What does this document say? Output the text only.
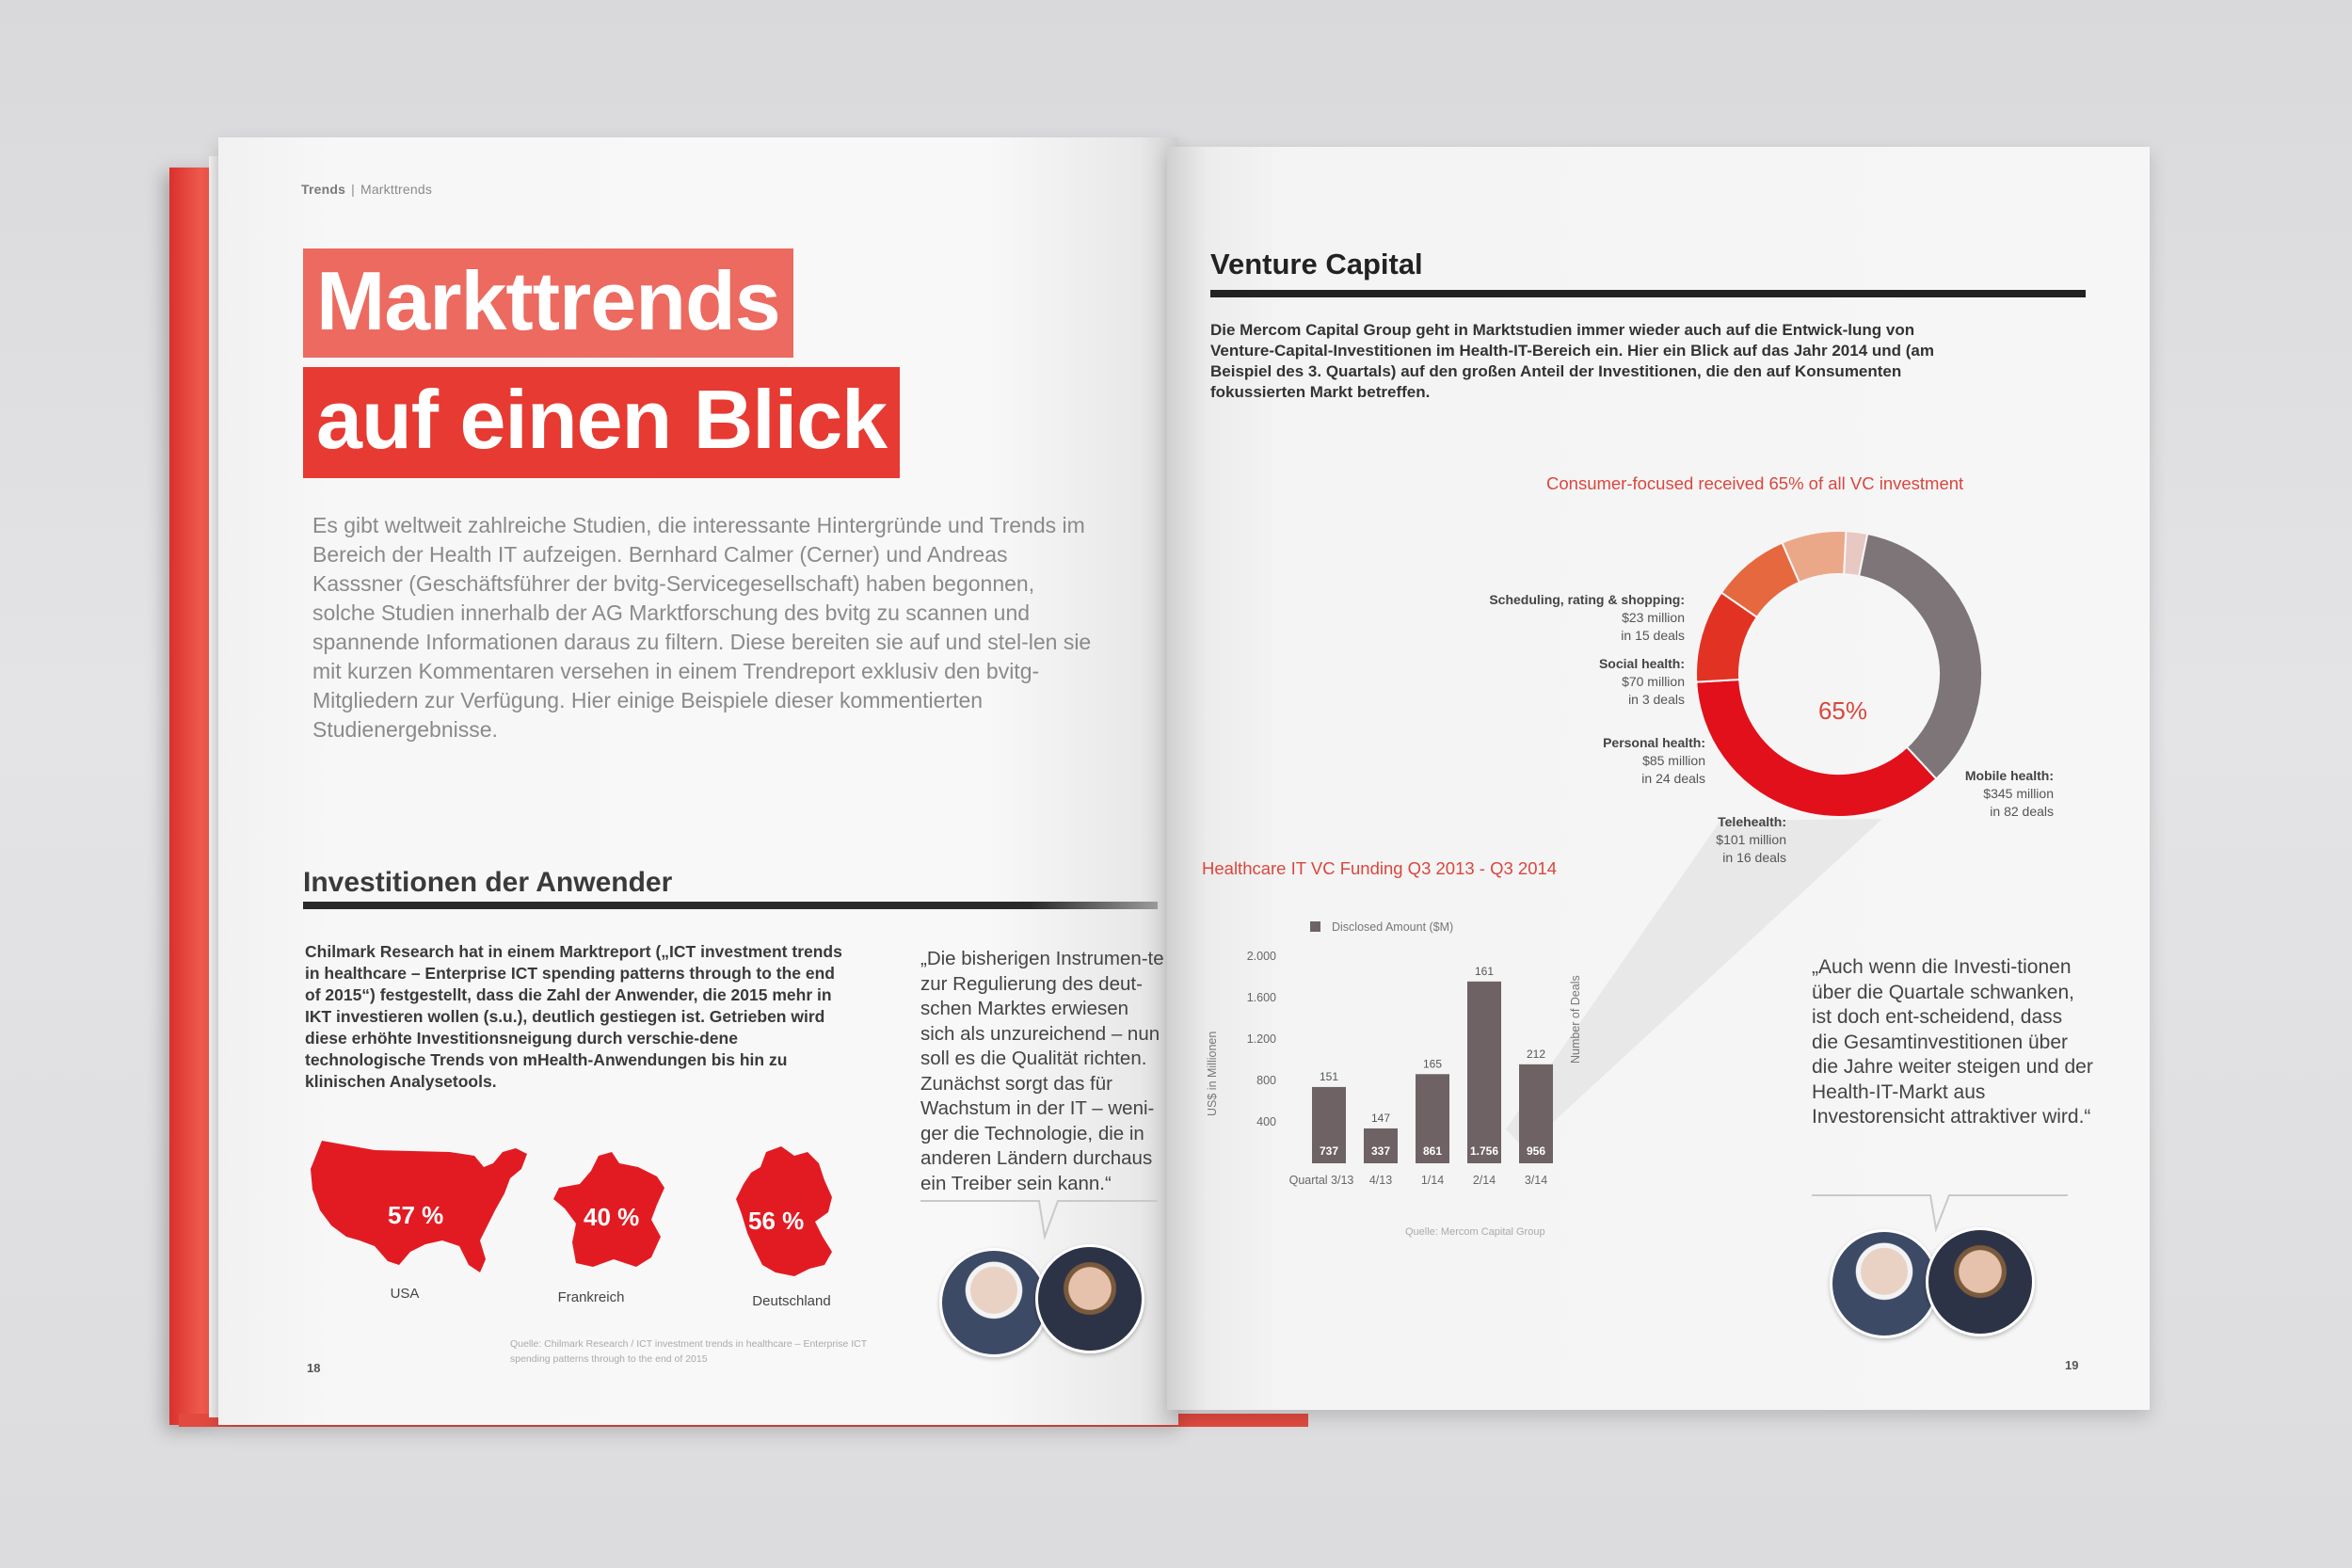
Trends | Markttrends
Markttrends
auf einen Blick
Es gibt weltweit zahlreiche Studien, die interessante Hintergründe und Trends im Bereich der Health IT aufzeigen. Bernhard Calmer (Cerner) und Andreas Kasssner (Geschäftsführer der bvitg-Servicegesellschaft) haben begonnen, solche Studien innerhalb der AG Marktforschung des bvitg zu scannen und spannende Informationen daraus zu filtern. Diese bereiten sie auf und stel-len sie mit kurzen Kommentaren versehen in einem Trendreport exklusiv den bvitg-Mitgliedern zur Verfügung. Hier einige Beispiele dieser kommentierten Studienergebnisse.
Investitionen der Anwender
Chilmark Research hat in einem Marktreport („ICT investment trends in healthcare – Enterprise ICT spending patterns through to the end of 2015“) festgestellt, dass die Zahl der Anwender, die 2015 mehr in IKT investieren wollen (s.u.), deutlich gestiegen ist. Getrieben wird diese erhöhte Investitionsneigung durch verschie-dene technologische Trends von mHealth-Anwendungen bis hin zu klinischen Analysetools.
„Die bisherigen Instrumen-te zur Regulierung des deut-schen Marktes erwiesen sich als unzureichend – nun soll es die Qualität richten. Zunächst sorgt das für Wachstum in der IT – weni-ger die Technologie, die in anderen Ländern durchaus ein Treiber sein kann.“
57 %
USA
40 %
Frankreich
56 %
Deutschland
Quelle: Chilmark Research / ICT investment trends in healthcare – Enterprise ICT spending patterns through to the end of 2015
18
Venture Capital
Die Mercom Capital Group geht in Marktstudien immer wieder auch auf die Entwick-lung von Venture-Capital-Investitionen im Health-IT-Bereich ein. Hier ein Blick auf das Jahr 2014 und (am Beispiel des 3. Quartals) auf den großen Anteil der Investitionen, die den auf Konsumenten fokussierten Markt betreffen.
Consumer-focused received 65% of all VC investment
65%
Scheduling, rating & shopping:
$23 million
in 15 deals
Social health:
$70 million
in 3 deals
Personal health:
$85 million
in 24 deals
Telehealth:
$101 million
in 16 deals
Mobile health:
$345 million
in 82 deals
Healthcare IT VC Funding Q3 2013 - Q3 2014
Disclosed Amount ($M)
US$ in Millionen
Number of Deals
2.000
1.600
1.200
800
400
737
151
Quartal 3/13
337
147
4/13
861
165
1/14
1.756
161
2/14
956
212
3/14
Quelle: Mercom Capital Group
„Auch wenn die Investi-tionen über die Quartale schwanken, ist doch ent-scheidend, dass die Gesamtinvestitionen über die Jahre weiter steigen und der Health-IT-Markt aus Investorensicht attraktiver wird.“
19
